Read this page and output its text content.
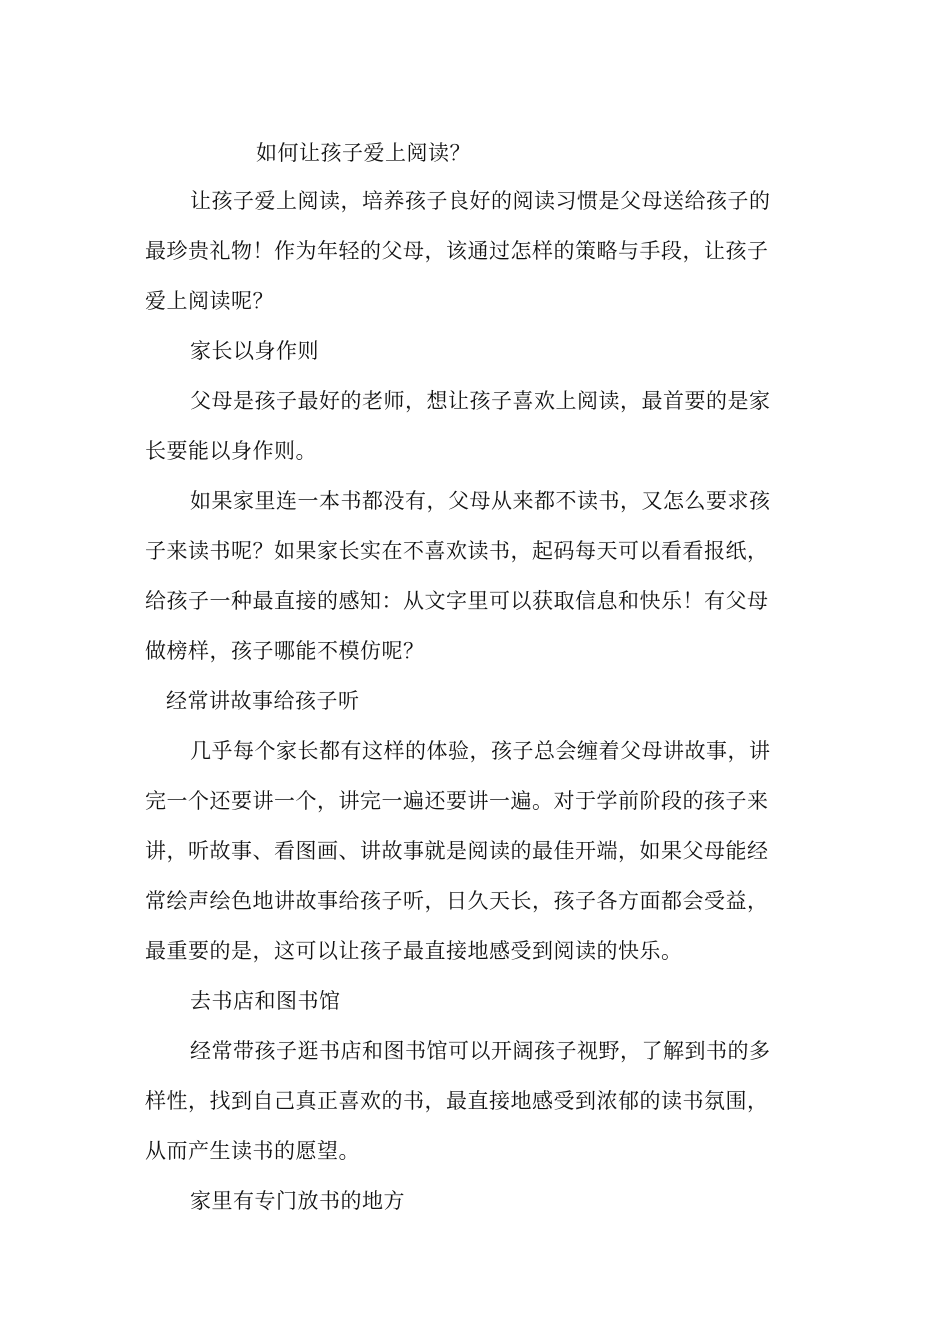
如何让孩子爱上阅读？
让孩子爱上阅读，培养孩子良好的阅读习惯是父母送给孩子的
最珍贵礼物！作为年轻的父母，该通过怎样的策略与手段，让孩子
爱上阅读呢？
家长以身作则
父母是孩子最好的老师，想让孩子喜欢上阅读，最首要的是家
长要能以身作则。
如果家里连一本书都没有，父母从来都不读书，又怎么要求孩
子来读书呢？如果家长实在不喜欢读书，起码每天可以看看报纸，
给孩子一种最直接的感知：从文字里可以获取信息和快乐！有父母
做榜样，孩子哪能不模仿呢？
经常讲故事给孩子听
几乎每个家长都有这样的体验，孩子总会缠着父母讲故事，讲
完一个还要讲一个，讲完一遍还要讲一遍。对于学前阶段的孩子来
讲，听故事、看图画、讲故事就是阅读的最佳开端，如果父母能经
常绘声绘色地讲故事给孩子听，日久天长，孩子各方面都会受益，
最重要的是，这可以让孩子最直接地感受到阅读的快乐。
去书店和图书馆
经常带孩子逛书店和图书馆可以开阔孩子视野，了解到书的多
样性，找到自己真正喜欢的书，最直接地感受到浓郁的读书氛围，
从而产生读书的愿望。
家里有专门放书的地方
